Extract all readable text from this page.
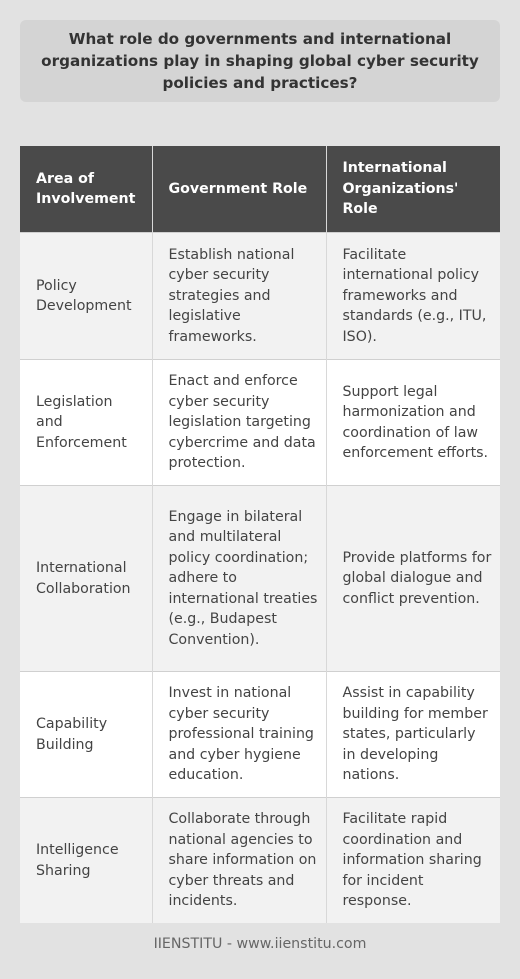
What role do governments and international organizations play in shaping global cyber security policies and practices?
Area of Involvement	Government Role	International Organizations' Role
Policy Development	Establish national cyber security strategies and legislative frameworks.	Facilitate international policy frameworks and standards (e.g., ITU, ISO).
Legislation and Enforcement	Enact and enforce cyber security legislation targeting cybercrime and data protection.	Support legal harmonization and coordination of law enforcement efforts.
International Collaboration	Engage in bilateral and multilateral policy coordination; adhere to international treaties (e.g., Budapest Convention).	Provide platforms for global dialogue and conflict prevention.
Capability Building	Invest in national cyber security professional training and cyber hygiene education.	Assist in capability building for member states, particularly in developing nations.
Intelligence Sharing	Collaborate through national agencies to share information on cyber threats and incidents.	Facilitate rapid coordination and information sharing for incident response.
IIENSTITU - www.iienstitu.com
